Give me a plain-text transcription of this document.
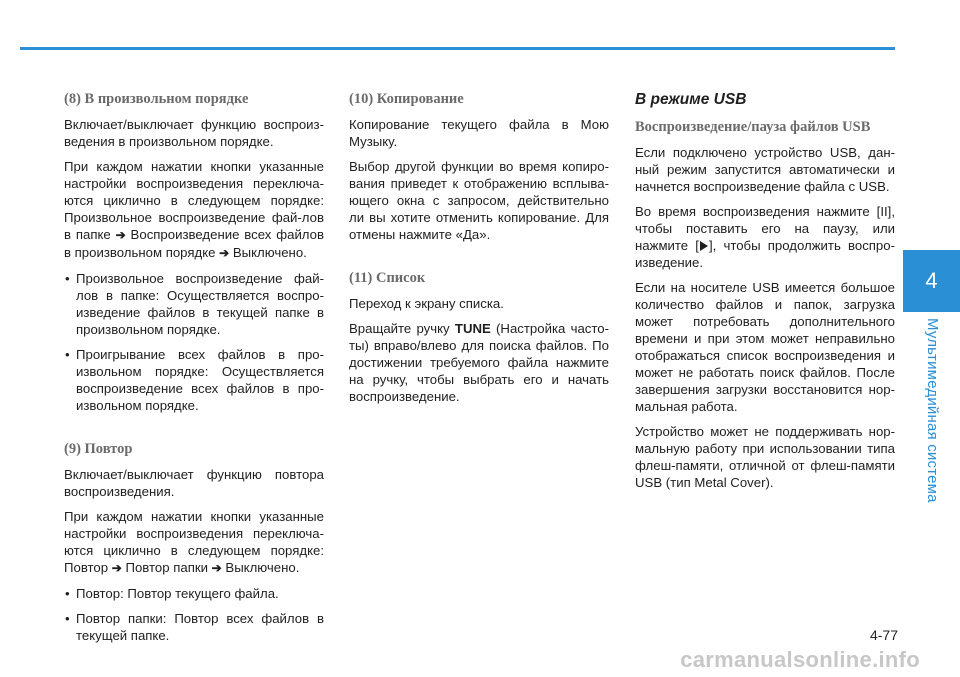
(8) В произвольном порядке

Включает/выключает функцию воспроиз-ведения в произвольном порядке.

При каждом нажатии кнопки указанные настройки воспроизведения переключа-ются циклично в следующем порядке: Произвольное воспроизведение фай-лов в папке ➔ Воспроизведение всех файлов в произвольном порядке ➔ Выключено.

• Произвольное воспроизведение фай-лов в папке: Осуществляется воспро-изведение файлов в текущей папке в произвольном порядке.
• Проигрывание всех файлов в про-извольном порядке: Осуществляется воспроизведение всех файлов в про-извольном порядке.
(9) Повтор

Включает/выключает функцию повтора воспроизведения.

При каждом нажатии кнопки указанные настройки воспроизведения переключа-ются циклично в следующем порядке: Повтор ➔ Повтор папки ➔ Выключено.

• Повтор: Повтор текущего файла.
• Повтор папки: Повтор всех файлов в текущей папке.
(10) Копирование

Копирование текущего файла в Мою Музыку.

Выбор другой функции во время копиро-вания приведет к отображению всплыва-ющего окна с запросом, действительно ли вы хотите отменить копирование. Для отмены нажмите «Да».

(11) Список

Переход к экрану списка.

Вращайте ручку TUNE (Настройка часто-ты) вправо/влево для поиска файлов. По достижении требуемого файла нажмите на ручку, чтобы выбрать его и начать воспроизведение.

В режиме USB
Воспроизведение/пауза файлов USB

Если подключено устройство USB, дан-ный режим запустится автоматически и начнется воспроизведение файла с USB.

Во время воспроизведения нажмите [II], чтобы поставить его на паузу, или нажмите [ ], чтобы продолжить воспро-изведение.

Если на носителе USB имеется большое количество файлов и папок, загрузка может потребовать дополнительного времени и при этом может неправильно отображаться список воспроизведения и может не работать поиск файлов. После завершения загрузки восстановится нор-мальная работа.

Устройство может не поддерживать нор-мальную работу при использовании типа флеш-памяти, отличной от флеш-памяти USB (тип Metal Cover).

4
Мультимедийная система
4-77
carmanualsonline.info
